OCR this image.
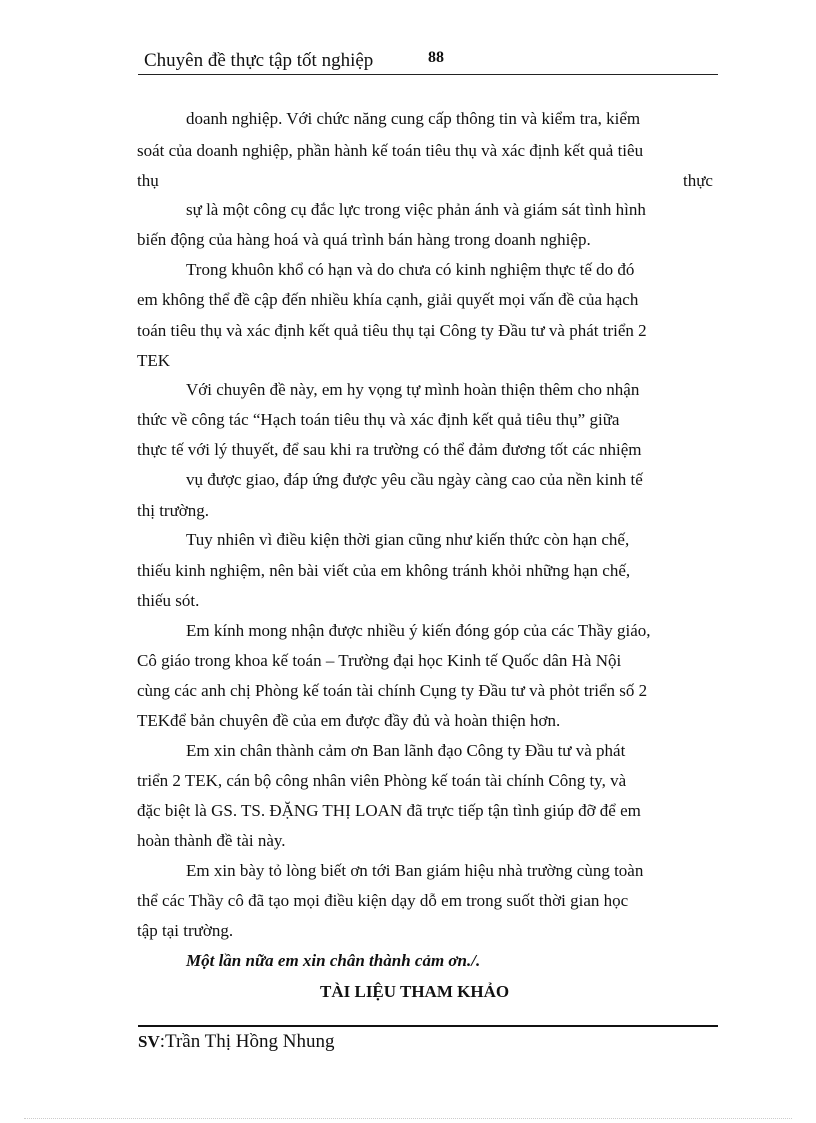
Chuyên đề thực tập tốt nghiệp	88
doanh nghiệp. Với chức năng cung cấp thông tin và kiểm tra, kiểm
soát của doanh nghiệp, phần hành kế toán tiêu thụ và xác định kết quả tiêu
thụ	thực
sự là một công cụ đắc lực trong việc phản ánh và giám sát tình hình
biến động của hàng hoá và quá trình bán hàng trong doanh nghiệp.
Trong khuôn khổ có hạn và do chưa có kinh nghiệm thực tế do đó
em không thể đề cập đến nhiều khía cạnh, giải quyết mọi vấn đề của hạch
toán tiêu thụ và xác định kết quả tiêu thụ tại Công ty Đầu tư và phát triển 2
TEK
Với chuyên đề này, em hy vọng tự mình hoàn thiện thêm cho nhận
thức về công tác “Hạch toán tiêu thụ và xác định kết quả tiêu thụ” giữa
thực tế với lý thuyết, để sau khi ra trường có thể đảm đương tốt các nhiệm
vụ được giao, đáp ứng được yêu cầu ngày càng cao của nền kinh tế
thị trường.
Tuy nhiên vì điều kiện thời gian cũng như kiến thức còn hạn chế,
thiếu kinh nghiệm, nên bài viết của em không tránh khỏi những hạn chế,
thiếu sót.
Em kính mong nhận được nhiều ý kiến đóng góp của các Thầy giáo,
Cô giáo trong khoa kế toán – Trường đại học Kinh tế Quốc dân Hà Nội
cùng các anh chị Phòng kế toán tài chính Cụng ty Đầu tư và phỏt triển số 2
TEKđể bản chuyên đề của em được đầy đủ và hoàn thiện hơn.
Em xin chân thành cảm ơn Ban lãnh đạo Công ty Đầu tư và phát
triển 2 TEK, cán bộ công nhân viên Phòng kế toán tài chính Công ty, và
đặc biệt là GS. TS. ĐẶNG THỊ LOAN đã trực tiếp tận tình giúp đỡ để em
hoàn thành đề tài này.
Em xin bày tỏ lòng biết ơn tới Ban giám hiệu nhà trường cùng toàn
thể các Thầy cô đã tạo mọi điều kiện dạy dỗ em trong suốt thời gian học
tập tại trường.
Một lần nữa em xin chân thành cảm ơn./.
TÀI LIỆU THAM KHẢO
SV:Trần Thị Hồng Nhung
